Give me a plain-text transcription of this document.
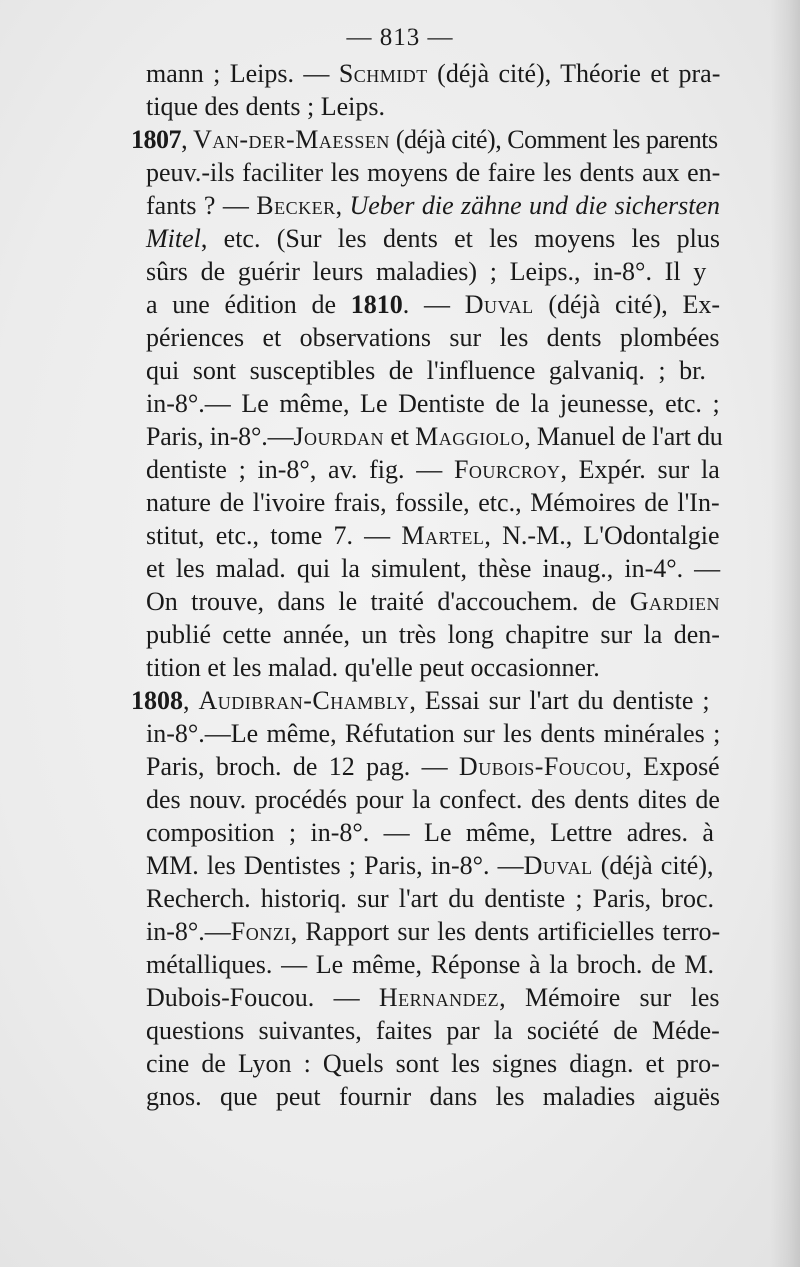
— 813 —
mann ; Leips. — Schmidt (déjà cité), Théorie et pra-
tique des dents ; Leips.
1807, Van-der-Maessen (déjà cité), Comment les parents
peuv.-ils faciliter les moyens de faire les dents aux en-
fants ? — Becker, Ueber die zähne und die sichersten
Mitel, etc. (Sur les dents et les moyens les plus
sûrs de guérir leurs maladies) ; Leips., in-8°. Il y
a une édition de 1810. — Duval (déjà cité), Ex-
périences et observations sur les dents plombées
qui sont susceptibles de l'influence galvaniq. ; br.
in-8°.— Le même, Le Dentiste de la jeunesse, etc. ;
Paris, in-8°.—Jourdan et Maggiolo, Manuel de l'art du
dentiste ; in-8°, av. fig. — Fourcroy, Expér. sur la
nature de l'ivoire frais, fossile, etc., Mémoires de l'In-
stitut, etc., tome 7. — Martel, N.-M., L'Odontalgie
et les malad. qui la simulent, thèse inaug., in-4°. —
On trouve, dans le traité d'accouchem. de Gardien
publié cette année, un très long chapitre sur la den-
tition et les malad. qu'elle peut occasionner.
1808, Audibran-Chambly, Essai sur l'art du dentiste ;
in-8°.—Le même, Réfutation sur les dents minérales ;
Paris, broch. de 12 pag. — Dubois-Foucou, Exposé
des nouv. procédés pour la confect. des dents dites de
composition ; in-8°. — Le même, Lettre adres. à
MM. les Dentistes ; Paris, in-8°. —Duval (déjà cité),
Recherch. historiq. sur l'art du dentiste ; Paris, broc.
in-8°.—Fonzi, Rapport sur les dents artificielles terro-
métalliques. — Le même, Réponse à la broch. de M.
Dubois-Foucou. — Hernandez, Mémoire sur les
questions suivantes, faites par la société de Méde-
cine de Lyon : Quels sont les signes diagn. et pro-
gnos. que peut fournir dans les maladies aiguës
